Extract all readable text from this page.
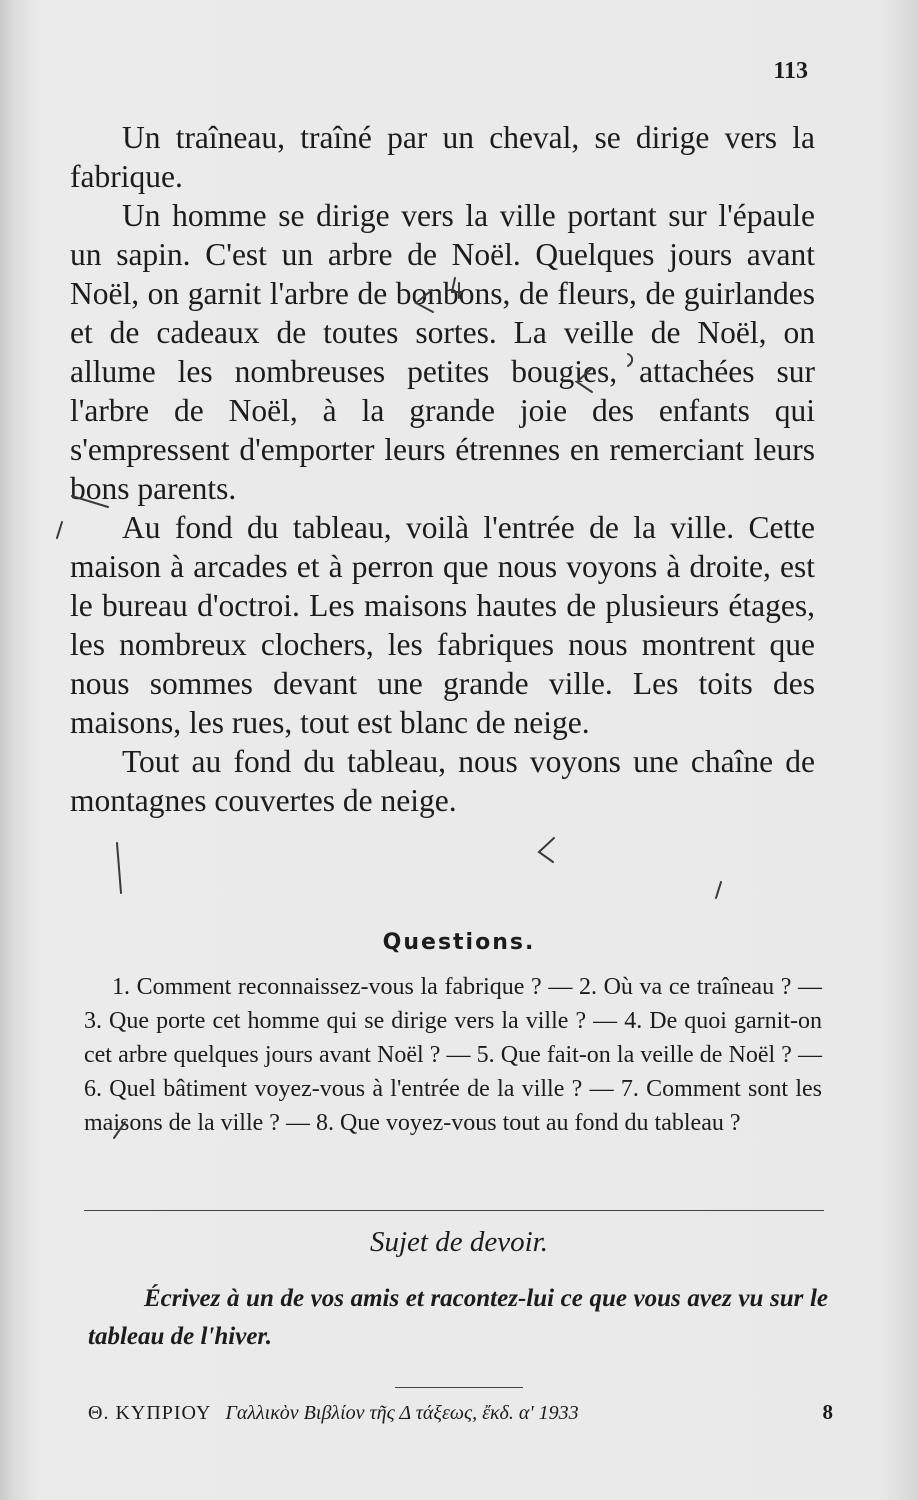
113

Un traîneau, traîné par un cheval, se dirige vers la fabrique.

Un homme se dirige vers la ville portant sur l'épaule un sapin. C'est un arbre de Noël. Quelques jours avant Noël, on garnit l'arbre de bonbons, de fleurs, de guirlandes et de cadeaux de toutes sortes. La veille de Noël, on allume les nombreuses petites bougies, attachées sur l'arbre de Noël, à la grande joie des enfants qui s'empressent d'emporter leurs étrennes en remerciant leurs bons parents.

Au fond du tableau, voilà l'entrée de la ville. Cette maison à arcades et à perron que nous voyons à droite, est le bureau d'octroi. Les maisons hautes de plusieurs étages, les nombreux clochers, les fabriques nous montrent que nous sommes devant une grande ville. Les toits des maisons, les rues, tout est blanc de neige.

Tout au fond du tableau, nous voyons une chaîne de montagnes couvertes de neige.

Questions.

1. Comment reconnaissez-vous la fabrique ? — 2. Où va ce traîneau ? — 3. Que porte cet homme qui se dirige vers la ville ? — 4. De quoi garnit-on cet arbre quelques jours avant Noël ? — 5. Que fait-on la veille de Noël ? — 6. Quel bâtiment voyez-vous à l'entrée de la ville ? — 7. Comment sont les maisons de la ville ? — 8. Que voyez-vous tout au fond du tableau ?

Sujet de devoir.

Écrivez à un de vos amis et racontez-lui ce que vous avez vu sur le tableau de l'hiver.

Θ. ΚΥΠΡΙΟΥ Γαλλικὸν Βιβλίον τῆς Δ τάξεως, ἔκδ. α' 1933	8
